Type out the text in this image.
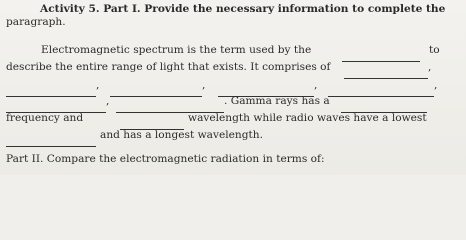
Activity 5. Part I. Provide the necessary information to complete the
paragraph.
Electromagnetic spectrum is the term used by the	to
describe the entire range of light that exists. It comprises of	,
,	,	,	,
,	. Gamma rays has a
frequency and	wavelength while radio waves have a lowest
and has a longest wavelength.
Part II. Compare the electromagnetic radiation in terms of:
